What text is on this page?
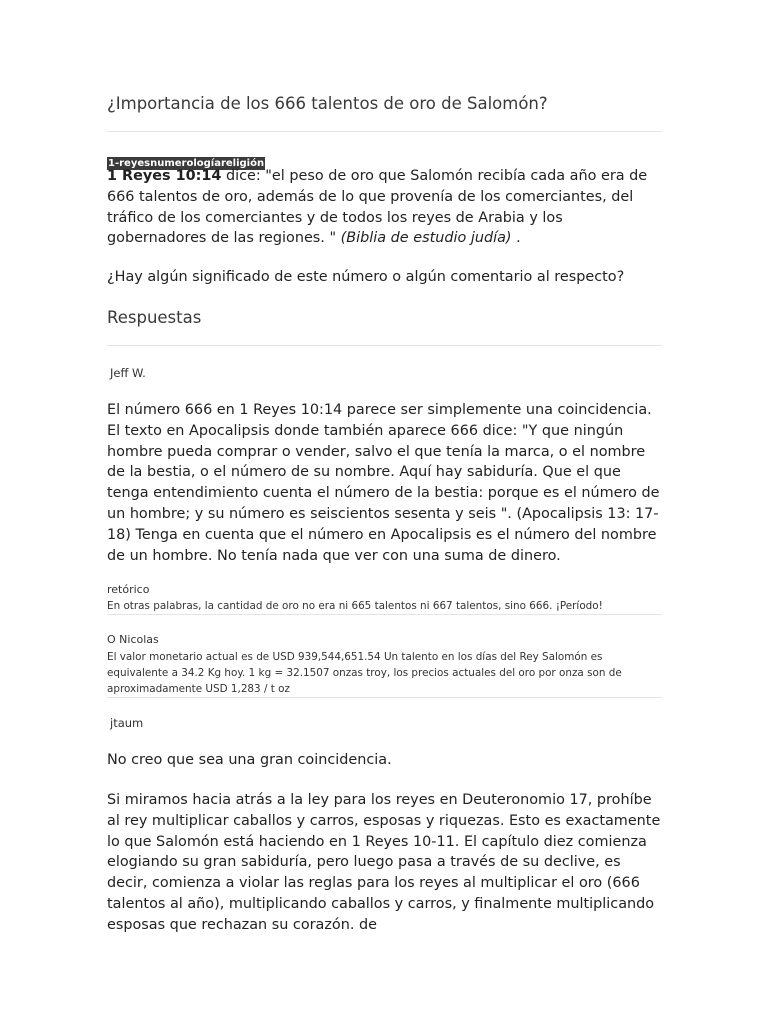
¿Importancia de los 666 talentos de oro de Salomón?
1-reyesnumerologíareligión

1 Reyes 10:14 dice: "el peso de oro que Salomón recibía cada año era de 666 talentos de oro, además de lo que provenía de los comerciantes, del tráfico de los comerciantes y de todos los reyes de Arabia y los gobernadores de las regiones. " (Biblia de estudio judía) .

¿Hay algún significado de este número o algún comentario al respecto?

Respuestas
Jeff W.

El número 666 en 1 Reyes 10:14 parece ser simplemente una coincidencia. El texto en Apocalipsis donde también aparece 666 dice: "Y que ningún hombre pueda comprar o vender, salvo el que tenía la marca, o el nombre de la bestia, o el número de su nombre. Aquí hay sabiduría. Que el que tenga entendimiento cuenta el número de la bestia: porque es el número de un hombre; y su número es seiscientos sesenta y seis ". (Apocalipsis 13: 17-18) Tenga en cuenta que el número en Apocalipsis es el número del nombre de un hombre. No tenía nada que ver con una suma de dinero.

retórico

En otras palabras, la cantidad de oro no era ni 665 talentos ni 667 talentos, sino 666. ¡Período!

O Nicolas

El valor monetario actual es de USD 939,544,651.54 Un talento en los días del Rey Salomón es equivalente a 34.2 Kg hoy. 1 kg = 32.1507 onzas troy, los precios actuales del oro por onza son de aproximadamente USD 1,283 / t oz

jtaum

No creo que sea una gran coincidencia.

Si miramos hacia atrás a la ley para los reyes en Deuteronomio 17, prohíbe al rey multiplicar caballos y carros, esposas y riquezas. Esto es exactamente lo que Salomón está haciendo en 1 Reyes 10-11. El capítulo diez comienza elogiando su gran sabiduría, pero luego pasa a través de su declive, es decir, comienza a violar las reglas para los reyes al multiplicar el oro (666 talentos al año), multiplicando caballos y carros, y finalmente multiplicando esposas que rechazan su corazón. de
